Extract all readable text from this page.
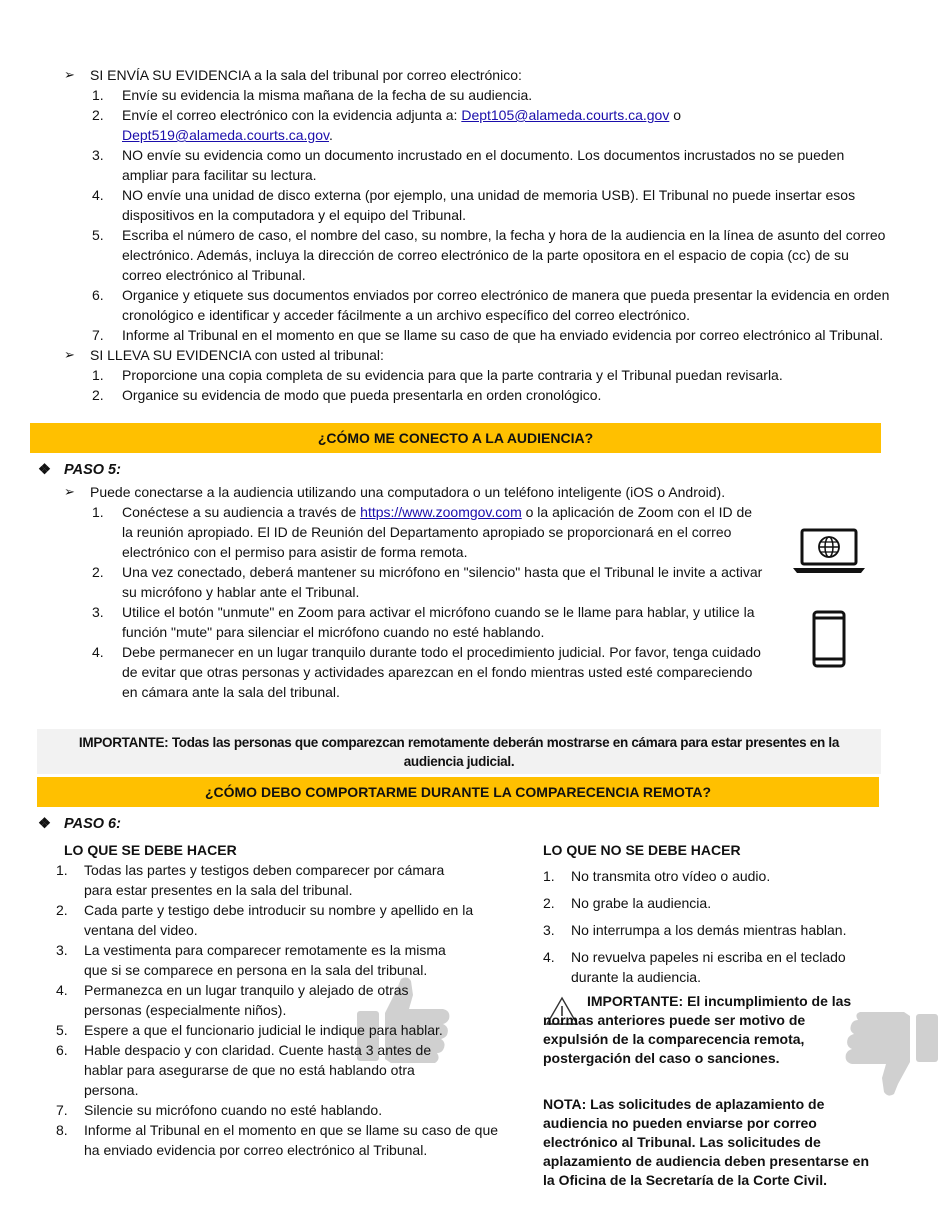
➢ SI ENVÍA SU EVIDENCIA a la sala del tribunal por correo electrónico:
1. Envíe su evidencia la misma mañana de la fecha de su audiencia.
2. Envíe el correo electrónico con la evidencia adjunta a: Dept105@alameda.courts.ca.gov o
Dept519@alameda.courts.ca.gov.
3. NO envíe su evidencia como un documento incrustado en el documento. Los documentos incrustados no se pueden ampliar para facilitar su lectura.
4. NO envíe una unidad de disco externa (por ejemplo, una unidad de memoria USB). El Tribunal no puede insertar esos dispositivos en la computadora y el equipo del Tribunal.
5. Escriba el número de caso, el nombre del caso, su nombre, la fecha y hora de la audiencia en la línea de asunto del correo electrónico. Además, incluya la dirección de correo electrónico de la parte opositora en el espacio de copia (cc) de su correo electrónico al Tribunal.
6. Organice y etiquete sus documentos enviados por correo electrónico de manera que pueda presentar la evidencia en orden cronológico e identificar y acceder fácilmente a un archivo específico del correo electrónico.
7. Informe al Tribunal en el momento en que se llame su caso de que ha enviado evidencia por correo electrónico al Tribunal.
➢ SI LLEVA SU EVIDENCIA con usted al tribunal:
1. Proporcione una copia completa de su evidencia para que la parte contraria y el Tribunal puedan revisarla.
2. Organice su evidencia de modo que pueda presentarla en orden cronológico.
¿CÓMO ME CONECTO A LA AUDIENCIA?
❖ PASO 5:
➢ Puede conectarse a la audiencia utilizando una computadora o un teléfono inteligente (iOS o Android).
1. Conéctese a su audiencia a través de https://www.zoomgov.com o la aplicación de Zoom con el ID de la reunión apropiado. El ID de Reunión del Departamento apropiado se proporcionará en el correo electrónico con el permiso para asistir de forma remota.
2. Una vez conectado, deberá mantener su micrófono en "silencio" hasta que el Tribunal le invite a activar su micrófono y hablar ante el Tribunal.
3. Utilice el botón "unmute" en Zoom para activar el micrófono cuando se le llame para hablar, y utilice la función "mute" para silenciar el micrófono cuando no esté hablando.
4. Debe permanecer en un lugar tranquilo durante todo el procedimiento judicial. Por favor, tenga cuidado de evitar que otras personas y actividades aparezcan en el fondo mientras usted esté compareciendo en cámara ante la sala del tribunal.
IMPORTANTE: Todas las personas que comparezcan remotamente deberán mostrarse en cámara para estar presentes en la audiencia judicial.
¿CÓMO DEBO COMPORTARME DURANTE LA COMPARECENCIA REMOTA?
❖ PASO 6:
LO QUE SE DEBE HACER
1. Todas las partes y testigos deben comparecer por cámara para estar presentes en la sala del tribunal.
2. Cada parte y testigo debe introducir su nombre y apellido en la ventana del video.
3. La vestimenta para comparecer remotamente es la misma que si se comparece en persona en la sala del tribunal.
4. Permanezca en un lugar tranquilo y alejado de otras personas (especialmente niños).
5. Espere a que el funcionario judicial le indique para hablar.
6. Hable despacio y con claridad. Cuente hasta 3 antes de hablar para asegurarse de que no está hablando otra persona.
7. Silencie su micrófono cuando no esté hablando.
8. Informe al Tribunal en el momento en que se llame su caso de que ha enviado evidencia por correo electrónico al Tribunal.
LO QUE NO SE DEBE HACER
1. No transmita otro vídeo o audio.
2. No grabe la audiencia.
3. No interrumpa a los demás mientras hablan.
4. No revuelva papeles ni escriba en el teclado durante la audiencia.
IMPORTANTE: El incumplimiento de las normas anteriores puede ser motivo de expulsión de la comparecencia remota, postergación del caso o sanciones.
NOTA: Las solicitudes de aplazamiento de audiencia no pueden enviarse por correo electrónico al Tribunal. Las solicitudes de aplazamiento de audiencia deben presentarse en la Oficina de la Secretaría de la Corte Civil.
